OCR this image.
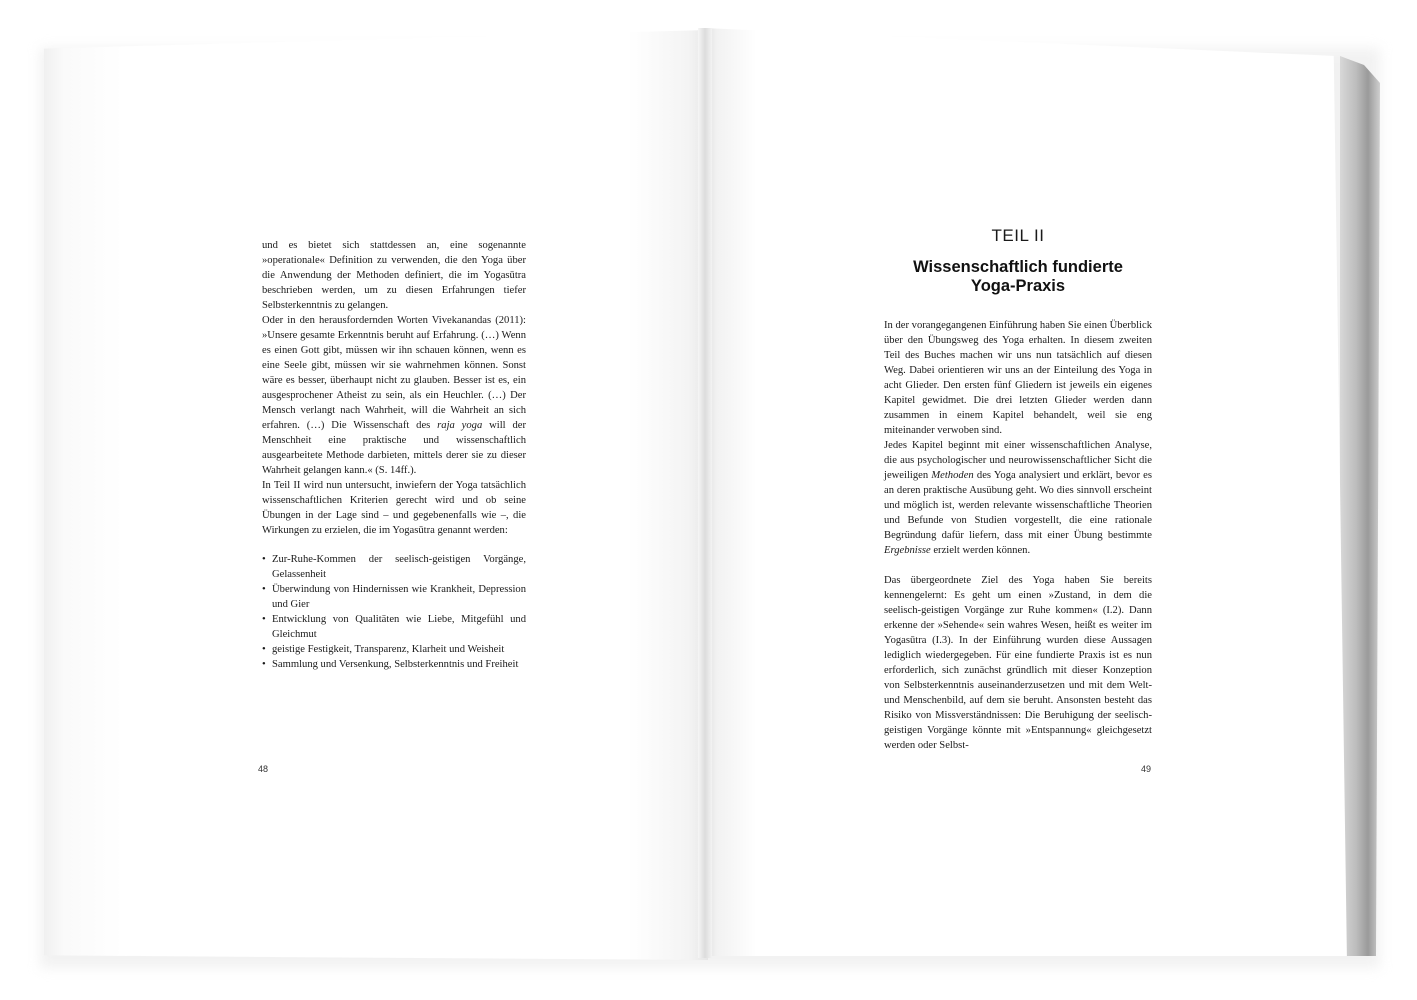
und es bietet sich stattdessen an, eine sogenannte »operationale« Definition zu verwenden, die den Yoga über die Anwendung der Methoden definiert, die im Yogasūtra beschrieben werden, um zu diesen Erfahrungen tiefer Selbsterkenntnis zu gelangen.

Oder in den herausfordernden Worten Vivekanandas (2011): »Unsere gesamte Erkenntnis beruht auf Erfahrung. (…) Wenn es einen Gott gibt, müssen wir ihn schauen können, wenn es eine Seele gibt, müssen wir sie wahrnehmen können. Sonst wäre es besser, überhaupt nicht zu glauben. Besser ist es, ein ausgesprochener Atheist zu sein, als ein Heuchler. (…) Der Mensch verlangt nach Wahrheit, will die Wahrheit an sich erfahren. (…) Die Wissenschaft des raja yoga will der Menschheit eine praktische und wissenschaftlich ausgearbeitete Methode darbieten, mittels derer sie zu dieser Wahrheit gelangen kann.« (S. 14ff.).

In Teil II wird nun untersucht, inwiefern der Yoga tatsächlich wissenschaftlichen Kriterien gerecht wird und ob seine Übungen in der Lage sind – und gegebenenfalls wie –, die Wirkungen zu erzielen, die im Yogasūtra genannt werden:

• Zur-Ruhe-Kommen der seelisch-geistigen Vorgänge, Gelassenheit
• Überwindung von Hindernissen wie Krankheit, Depression und Gier
• Entwicklung von Qualitäten wie Liebe, Mitgefühl und Gleichmut
• geistige Festigkeit, Transparenz, Klarheit und Weisheit
• Sammlung und Versenkung, Selbsterkenntnis und Freiheit
48
TEIL II
Wissenschaftlich fundierte
Yoga-Praxis

In der vorangegangenen Einführung haben Sie einen Überblick über den Übungsweg des Yoga erhalten. In diesem zweiten Teil des Buches machen wir uns nun tatsächlich auf diesen Weg. Dabei orientieren wir uns an der Einteilung des Yoga in acht Glieder. Den ersten fünf Gliedern ist jeweils ein eigenes Kapitel gewidmet. Die drei letzten Glieder werden dann zusammen in einem Kapitel behandelt, weil sie eng miteinander verwoben sind.

Jedes Kapitel beginnt mit einer wissenschaftlichen Analyse, die aus psychologischer und neurowissenschaftlicher Sicht die jeweiligen Methoden des Yoga analysiert und erklärt, bevor es an deren praktische Ausübung geht. Wo dies sinnvoll erscheint und möglich ist, werden relevante wissenschaftliche Theorien und Befunde von Studien vorgestellt, die eine rationale Begründung dafür liefern, dass mit einer Übung bestimmte Ergebnisse erzielt werden können.

Das übergeordnete Ziel des Yoga haben Sie bereits kennengelernt: Es geht um einen »Zustand, in dem die seelisch-geistigen Vorgänge zur Ruhe kommen« (I.2). Dann erkenne der »Sehende« sein wahres Wesen, heißt es weiter im Yogasūtra (I.3). In der Einführung wurden diese Aussagen lediglich wiedergegeben. Für eine fundierte Praxis ist es nun erforderlich, sich zunächst gründlich mit dieser Konzeption von Selbsterkenntnis auseinanderzusetzen und mit dem Welt- und Menschenbild, auf dem sie beruht. Ansonsten besteht das Risiko von Missverständnissen: Die Beruhigung der seelisch-geistigen Vorgänge könnte mit »Entspannung« gleichgesetzt werden oder Selbst-

49
